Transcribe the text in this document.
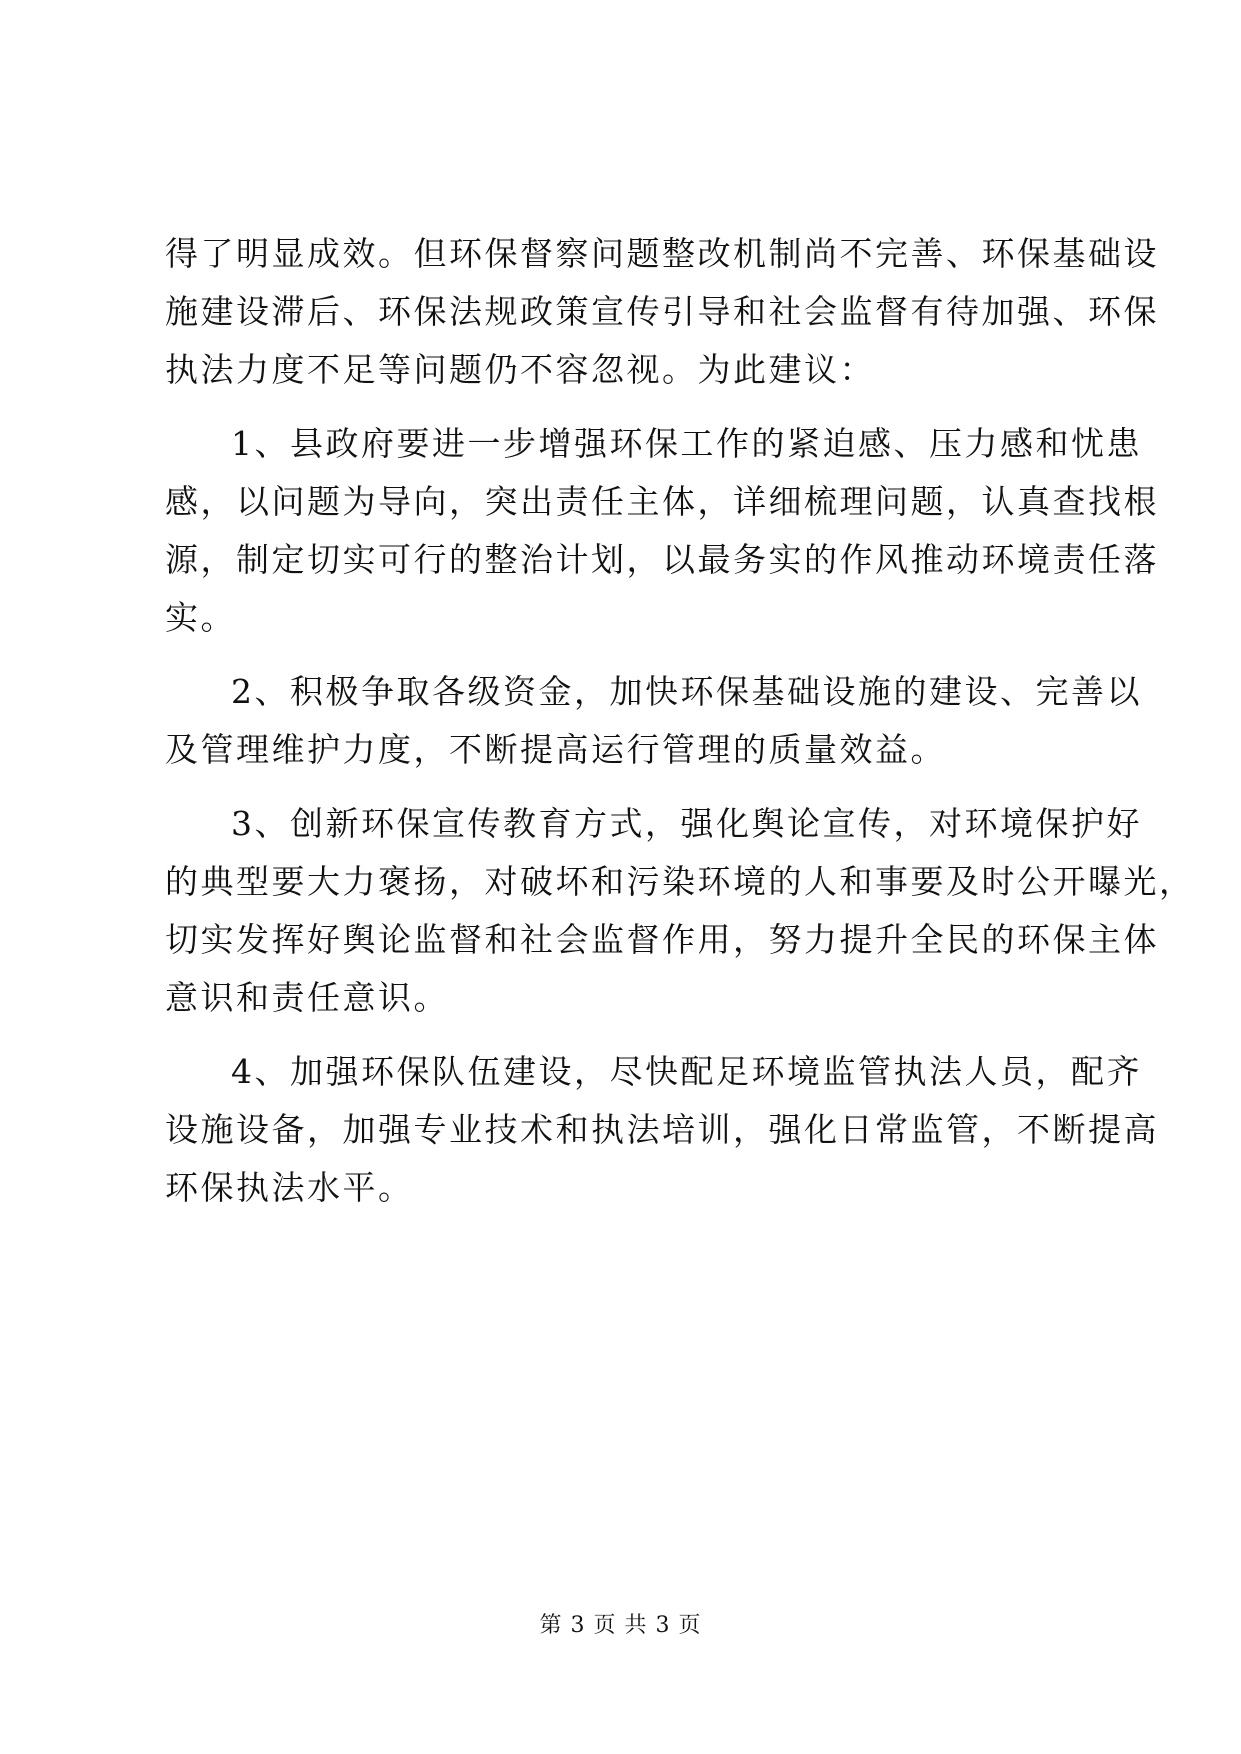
得了明显成效。但环保督察问题整改机制尚不完善、环保基础设
施建设滞后、环保法规政策宣传引导和社会监督有待加强、环保
执法力度不足等问题仍不容忽视。为此建议：
1、县政府要进一步增强环保工作的紧迫感、压力感和忧患
感，以问题为导向，突出责任主体，详细梳理问题，认真查找根
源，制定切实可行的整治计划，以最务实的作风推动环境责任落
实。
2、积极争取各级资金，加快环保基础设施的建设、完善以
及管理维护力度，不断提高运行管理的质量效益。
3、创新环保宣传教育方式，强化舆论宣传，对环境保护好
的典型要大力褒扬，对破坏和污染环境的人和事要及时公开曝光，
切实发挥好舆论监督和社会监督作用，努力提升全民的环保主体
意识和责任意识。
4、加强环保队伍建设，尽快配足环境监管执法人员，配齐
设施设备，加强专业技术和执法培训，强化日常监管，不断提高
环保执法水平。
第 3 页 共 3 页
